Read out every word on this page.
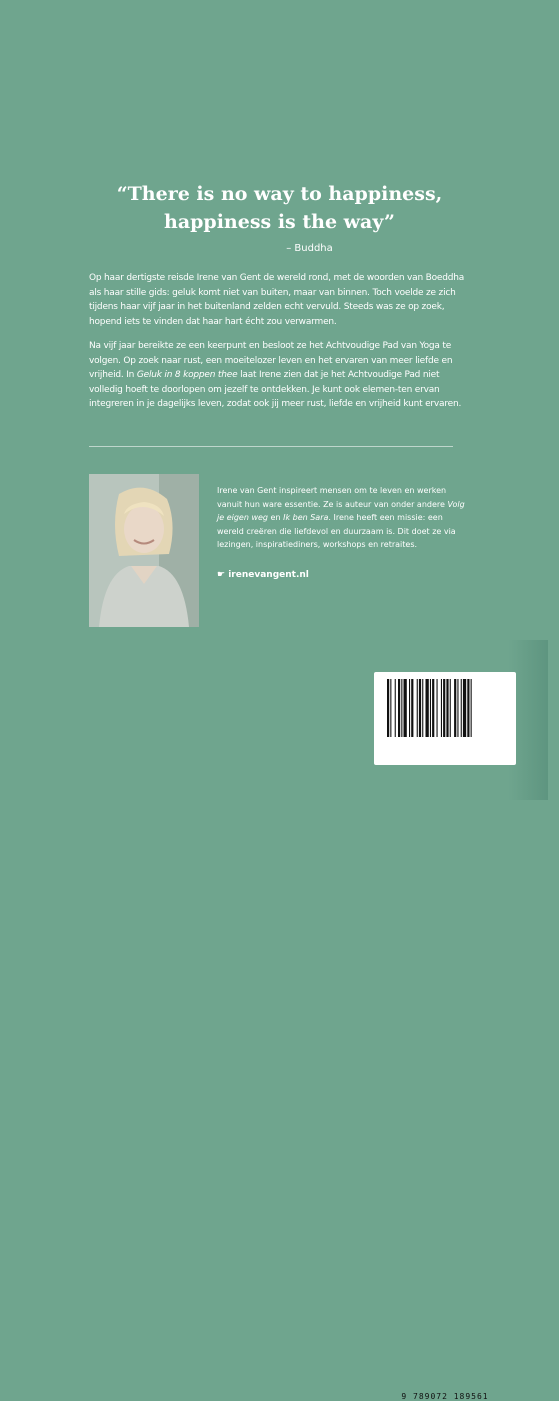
“There is no way to happiness,
happiness is the way”
– Buddha
Op haar dertigste reisde Irene van Gent de wereld rond, met de woorden van Boeddha als haar stille gids: geluk komt niet van buiten, maar van binnen. Toch voelde ze zich tijdens haar vijf jaar in het buitenland zelden echt vervuld. Steeds was ze op zoek, hopend iets te vinden dat haar hart écht zou verwarmen.
Na vijf jaar bereikte ze een keerpunt en besloot ze het Achtvoudige Pad van Yoga te volgen. Op zoek naar rust, een moeitelozer leven en het ervaren van meer liefde en vrijheid. In Geluk in 8 koppen thee laat Irene zien dat je het Achtvoudige Pad niet volledig hoeft te doorlopen om jezelf te ontdekken. Je kunt ook elemen-ten ervan integreren in je dagelijks leven, zodat ook jij meer rust, liefde en vrijheid kunt ervaren.
Irene van Gent inspireert mensen om te leven en werken vanuit hun ware essentie. Ze is auteur van onder andere Volg je eigen weg en Ik ben Sara. Irene heeft een missie: een wereld creëren die liefdevol en duurzaam is. Dit doet ze via lezingen, inspiratiediners, workshops en retraites.
☛ irenevangent.nl
9 789072 189561
